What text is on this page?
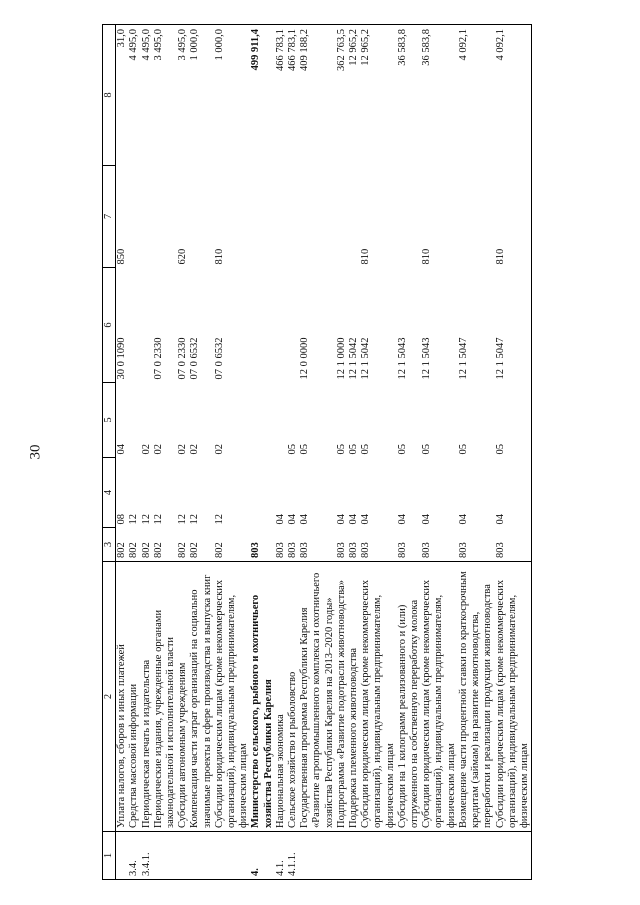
30
1	2	3	4	5	6	7	8
	Уплата налогов, сборов и иных платежей	802	08	04	30 0 1090	850	31,0
3.4.	Средства массовой информации	802	12				4 495,0
3.4.1.	Периодическая печать и издательства	802	12	02			4 495,0
	Периодические издания, учрежденные органами законодательной и исполнительной власти	802	12	02	07 0 2330		3 495,0
	Субсидии автономным учреждениям	802	12	02	07 0 2330	620	3 495,0
	Компенсация части затрат организаций на социально значимые проекты в сфере производства и выпуска книг	802	12	02	07 0 6532		1 000,0
	Субсидии юридическим лицам (кроме некоммерческих организаций), индивидуальным предпринимателям, физическим лицам	802	12	02	07 0 6532	810	1 000,0
4.	Министерство сельского, рыбного и охотничьего хозяйства Республики Карелия	803					499 911,4
4.1.	Национальная экономика	803	04				466 783,1
4.1.1.	Сельское хозяйство и рыболовство	803	04	05			466 783,1
	Государственная программа Республики Карелия «Развитие агропромышленного комплекса и охотничьего хозяйства Республики Карелия на 2013–2020 годы»	803	04	05	12 0 0000		409 188,2
	Подпрограмма «Развитие подотрасли животноводства»	803	04	05	12 1 0000		362 763,5
	Поддержка племенного животноводства	803	04	05	12 1 5042		12 965,2
	Субсидии юридическим лицам (кроме некоммерческих организаций), индивидуальным предпринимателям, физическим лицам	803	04	05	12 1 5042	810	12 965,2
	Субсидии на 1 килограмм реализованного и (или) отгруженного на собственную переработку молока	803	04	05	12 1 5043		36 583,8
	Субсидии юридическим лицам (кроме некоммерческих организаций), индивидуальным предпринимателям, физическим лицам	803	04	05	12 1 5043	810	36 583,8
	Возмещение части процентной ставки по краткосрочным кредитам (займам) на развитие животноводства, переработки и реализации продукции животноводства	803	04	05	12 1 5047		4 092,1
	Субсидии юридическим лицам (кроме некоммерческих организаций), индивидуальным предпринимателям, физическим лицам	803	04	05	12 1 5047	810	4 092,1
